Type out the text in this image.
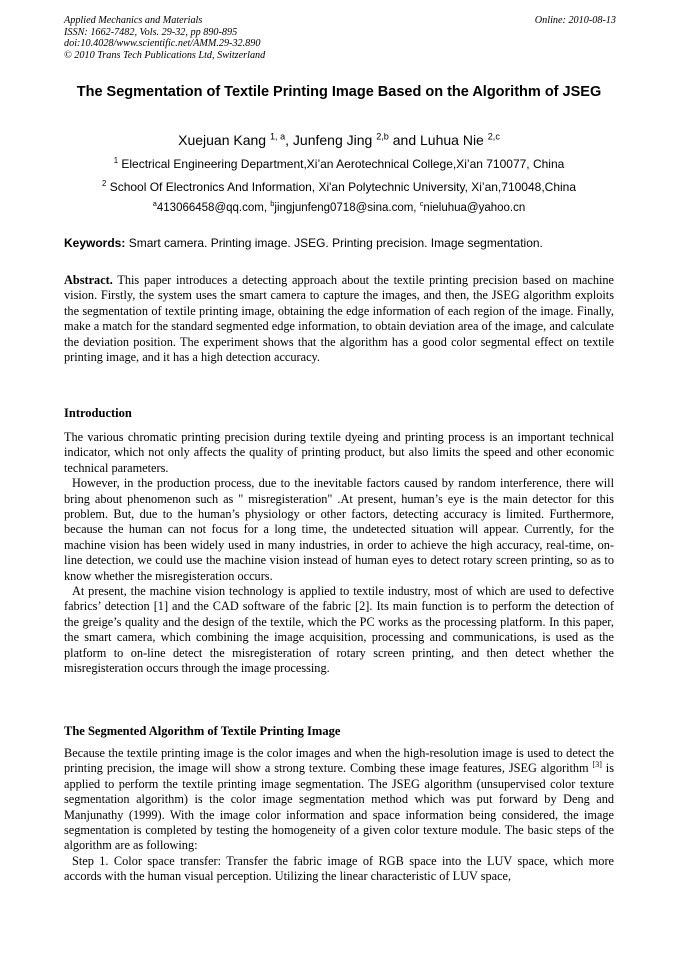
Applied Mechanics and Materials
ISSN: 1662-7482, Vols. 29-32, pp 890-895
doi:10.4028/www.scientific.net/AMM.29-32.890
© 2010 Trans Tech Publications Ltd, Switzerland
Online: 2010-08-13
The Segmentation of Textile Printing Image Based on the Algorithm of JSEG
Xuejuan Kang $^{1, a}$, Junfeng Jing $^{2,b}$ and Luhua Nie $^{2,c}$
$^1$ Electrical Engineering Department,Xi’an Aerotechnical College,Xi’an 710077, China
$^2$ School Of Electronics And Information, Xi'an Polytechnic University, Xi’an,710048,China
$^a$413066458@qq.com, $^b$jingjunfeng0718@sina.com, $^c$nieluhua@yahoo.cn
Keywords: Smart camera. Printing image. JSEG. Printing precision. Image segmentation.

Abstract. This paper introduces a detecting approach about the textile printing precision based on machine vision. Firstly, the system uses the smart camera to capture the images, and then, the JSEG algorithm exploits the segmentation of textile printing image, obtaining the edge information of each region of the image. Finally, make a match for the standard segmented edge information, to obtain deviation area of the image, and calculate the deviation position. The experiment shows that the algorithm has a good color segmental effect on textile printing image, and it has a high detection accuracy.

Introduction

The various chromatic printing precision during textile dyeing and printing process is an important technical indicator, which not only affects the quality of printing product, but also limits the speed and other economic technical parameters.

However, in the production process, due to the inevitable factors caused by random interference, there will bring about phenomenon such as " misregisteration" .At present, human’s eye is the main detector for this problem. But, due to the human’s physiology or other factors, detecting accuracy is limited. Furthermore, because the human can not focus for a long time, the undetected situation will appear. Currently, for the machine vision has been widely used in many industries, in order to achieve the high accuracy, real-time, on-line detection, we could use the machine vision instead of human eyes to detect rotary screen printing, so as to know whether the misregisteration occurs.

At present, the machine vision technology is applied to textile industry, most of which are used to defective fabrics’ detection [1] and the CAD software of the fabric [2]. Its main function is to perform the detection of the greige’s quality and the design of the textile, which the PC works as the processing platform. In this paper, the smart camera, which combining the image acquisition, processing and communications, is used as the platform to on-line detect the misregisteration of rotary screen printing, and then detect whether the misregisteration occurs through the image processing.

The Segmented Algorithm of Textile Printing Image

Because the textile printing image is the color images and when the high-resolution image is used to detect the printing precision, the image will show a strong texture. Combing these image features, JSEG algorithm [3] is applied to perform the textile printing image segmentation. The JSEG algorithm (unsupervised color texture segmentation algorithm) is the color image segmentation method which was put forward by Deng and Manjunathy (1999). With the image color information and space information being considered, the image segmentation is completed by testing the homogeneity of a given color texture module. The basic steps of the algorithm are as following:

Step 1. Color space transfer: Transfer the fabric image of RGB space into the LUV space, which more accords with the human visual perception. Utilizing the linear characteristic of LUV space,
